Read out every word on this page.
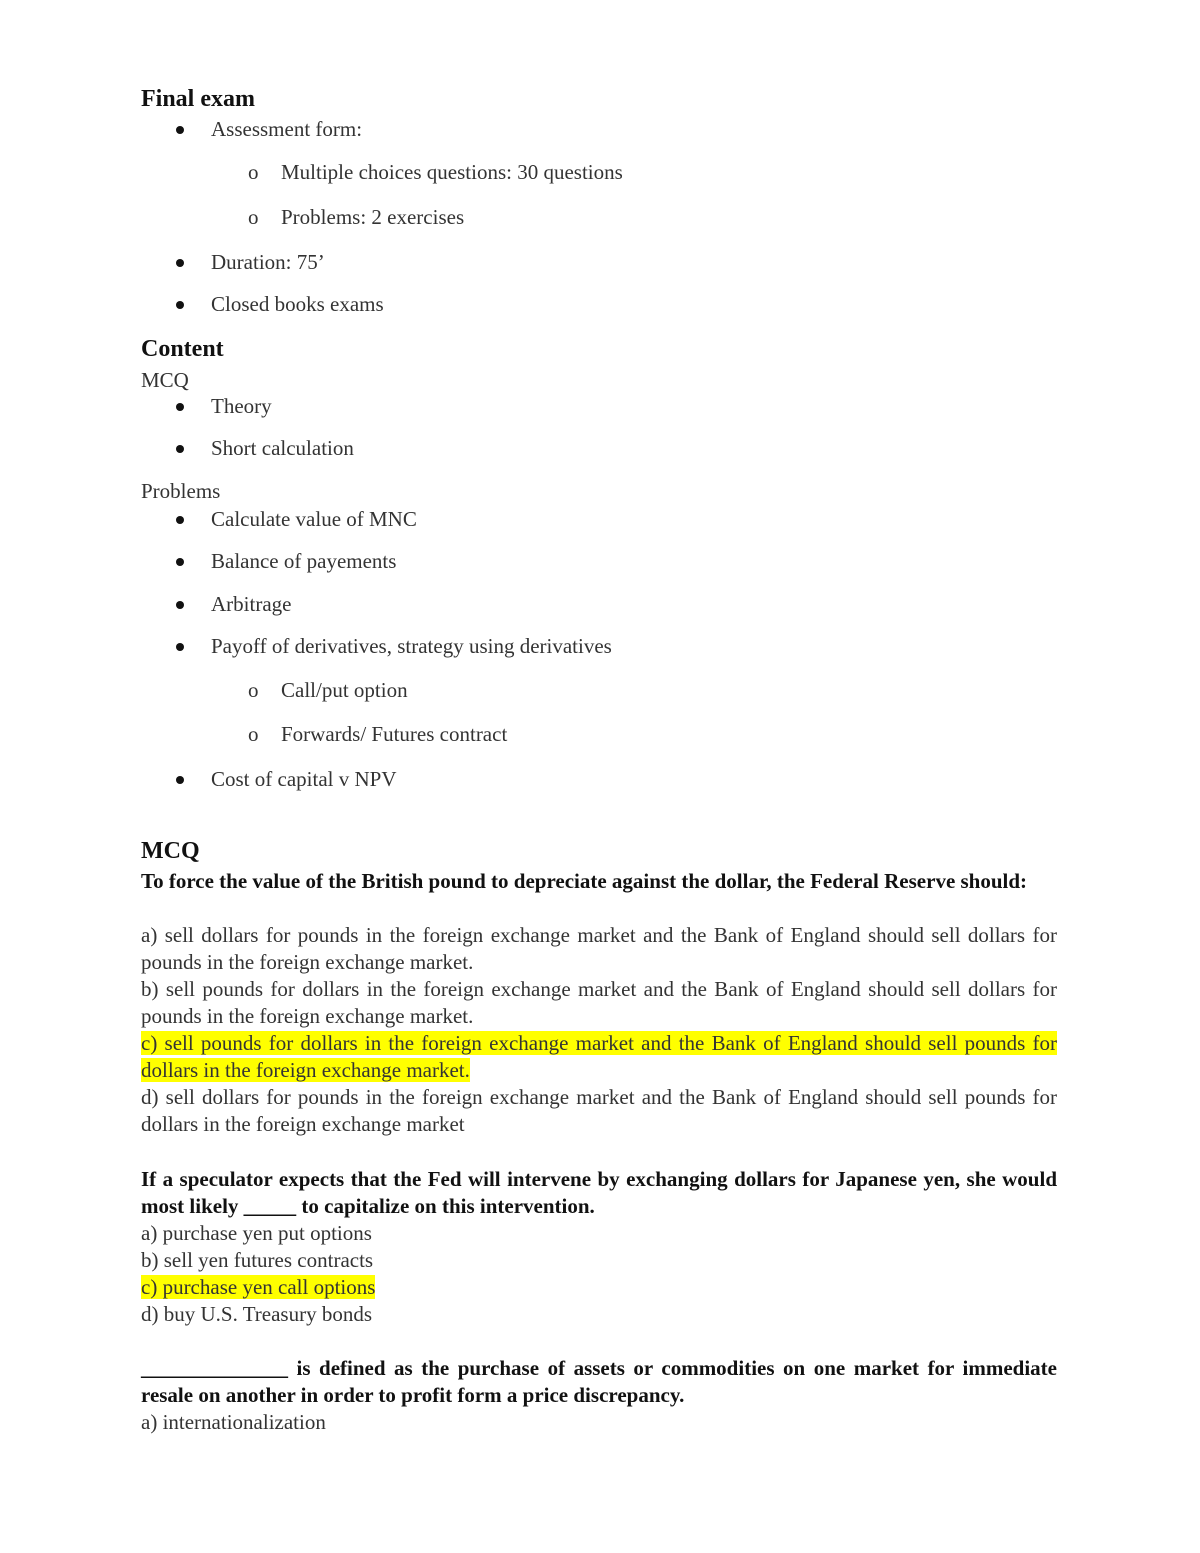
Final exam
Assessment form:
o Multiple choices questions: 30 questions
o Problems: 2 exercises
Duration: 75’
Closed books exams
Content
MCQ
Theory
Short calculation
Problems
Calculate value of MNC
Balance of payements
Arbitrage
Payoff of derivatives, strategy using derivatives
o Call/put option
o Forwards/ Futures contract
Cost of capital v NPV
MCQ
To force the value of the British pound to depreciate against the dollar, the Federal Reserve should:
a) sell dollars for pounds in the foreign exchange market and the Bank of England should sell dollars for pounds in the foreign exchange market.
b) sell pounds for dollars in the foreign exchange market and the Bank of England should sell dollars for pounds in the foreign exchange market.
c) sell pounds for dollars in the foreign exchange market and the Bank of England should sell pounds for dollars in the foreign exchange market.
d) sell dollars for pounds in the foreign exchange market and the Bank of England should sell pounds for dollars in the foreign exchange market
If a speculator expects that the Fed will intervene by exchanging dollars for Japanese yen, she would most likely _____ to capitalize on this intervention.
a) purchase yen put options
b) sell yen futures contracts
c) purchase yen call options
d) buy U.S. Treasury bonds
______________ is defined as the purchase of assets or commodities on one market for immediate resale on another in order to profit form a price discrepancy.
a) internationalization
